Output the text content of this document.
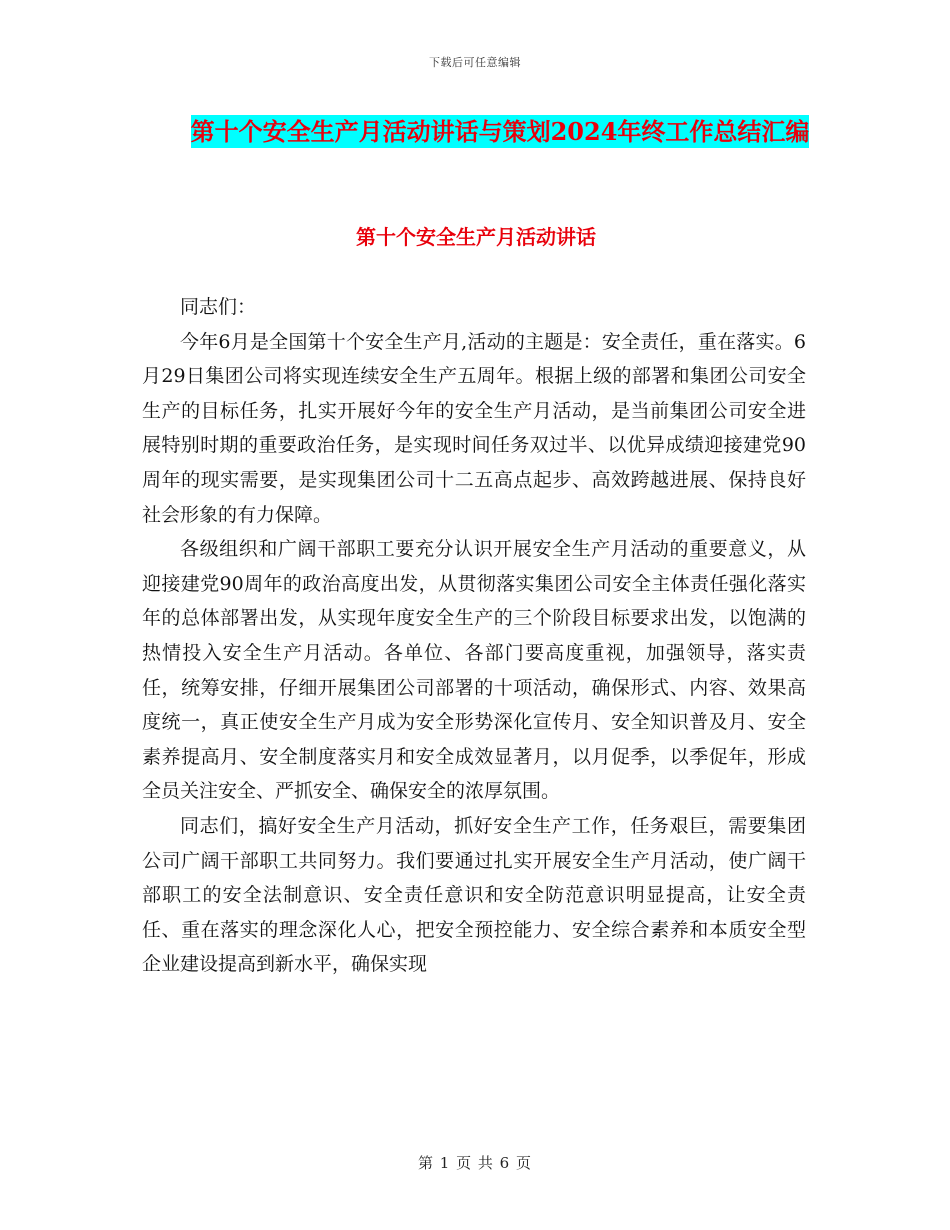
下载后可任意编辑
第十个安全生产月活动讲话与策划2024年终工作总结汇编
第十个安全生产月活动讲话

同志们：

今年6月是全国第十个安全生产月,活动的主题是：安全责任，重在落实。6月29日集团公司将实现连续安全生产五周年。根据上级的部署和集团公司安全生产的目标任务，扎实开展好今年的安全生产月活动，是当前集团公司安全进展特别时期的重要政治任务，是实现时间任务双过半、以优异成绩迎接建党90周年的现实需要，是实现集团公司十二五高点起步、高效跨越进展、保持良好社会形象的有力保障。

各级组织和广阔干部职工要充分认识开展安全生产月活动的重要意义，从迎接建党90周年的政治高度出发，从贯彻落实集团公司安全主体责任强化落实年的总体部署出发，从实现年度安全生产的三个阶段目标要求出发，以饱满的热情投入安全生产月活动。各单位、各部门要高度重视，加强领导，落实责任，统筹安排，仔细开展集团公司部署的十项活动，确保形式、内容、效果高度统一，真正使安全生产月成为安全形势深化宣传月、安全知识普及月、安全素养提高月、安全制度落实月和安全成效显著月，以月促季，以季促年，形成全员关注安全、严抓安全、确保安全的浓厚氛围。

同志们，搞好安全生产月活动，抓好安全生产工作，任务艰巨，需要集团公司广阔干部职工共同努力。我们要通过扎实开展安全生产月活动，使广阔干部职工的安全法制意识、安全责任意识和安全防范意识明显提高，让安全责任、重在落实的理念深化人心，把安全预控能力、安全综合素养和本质安全型企业建设提高到新水平，确保实现

第 1 页 共 6 页
